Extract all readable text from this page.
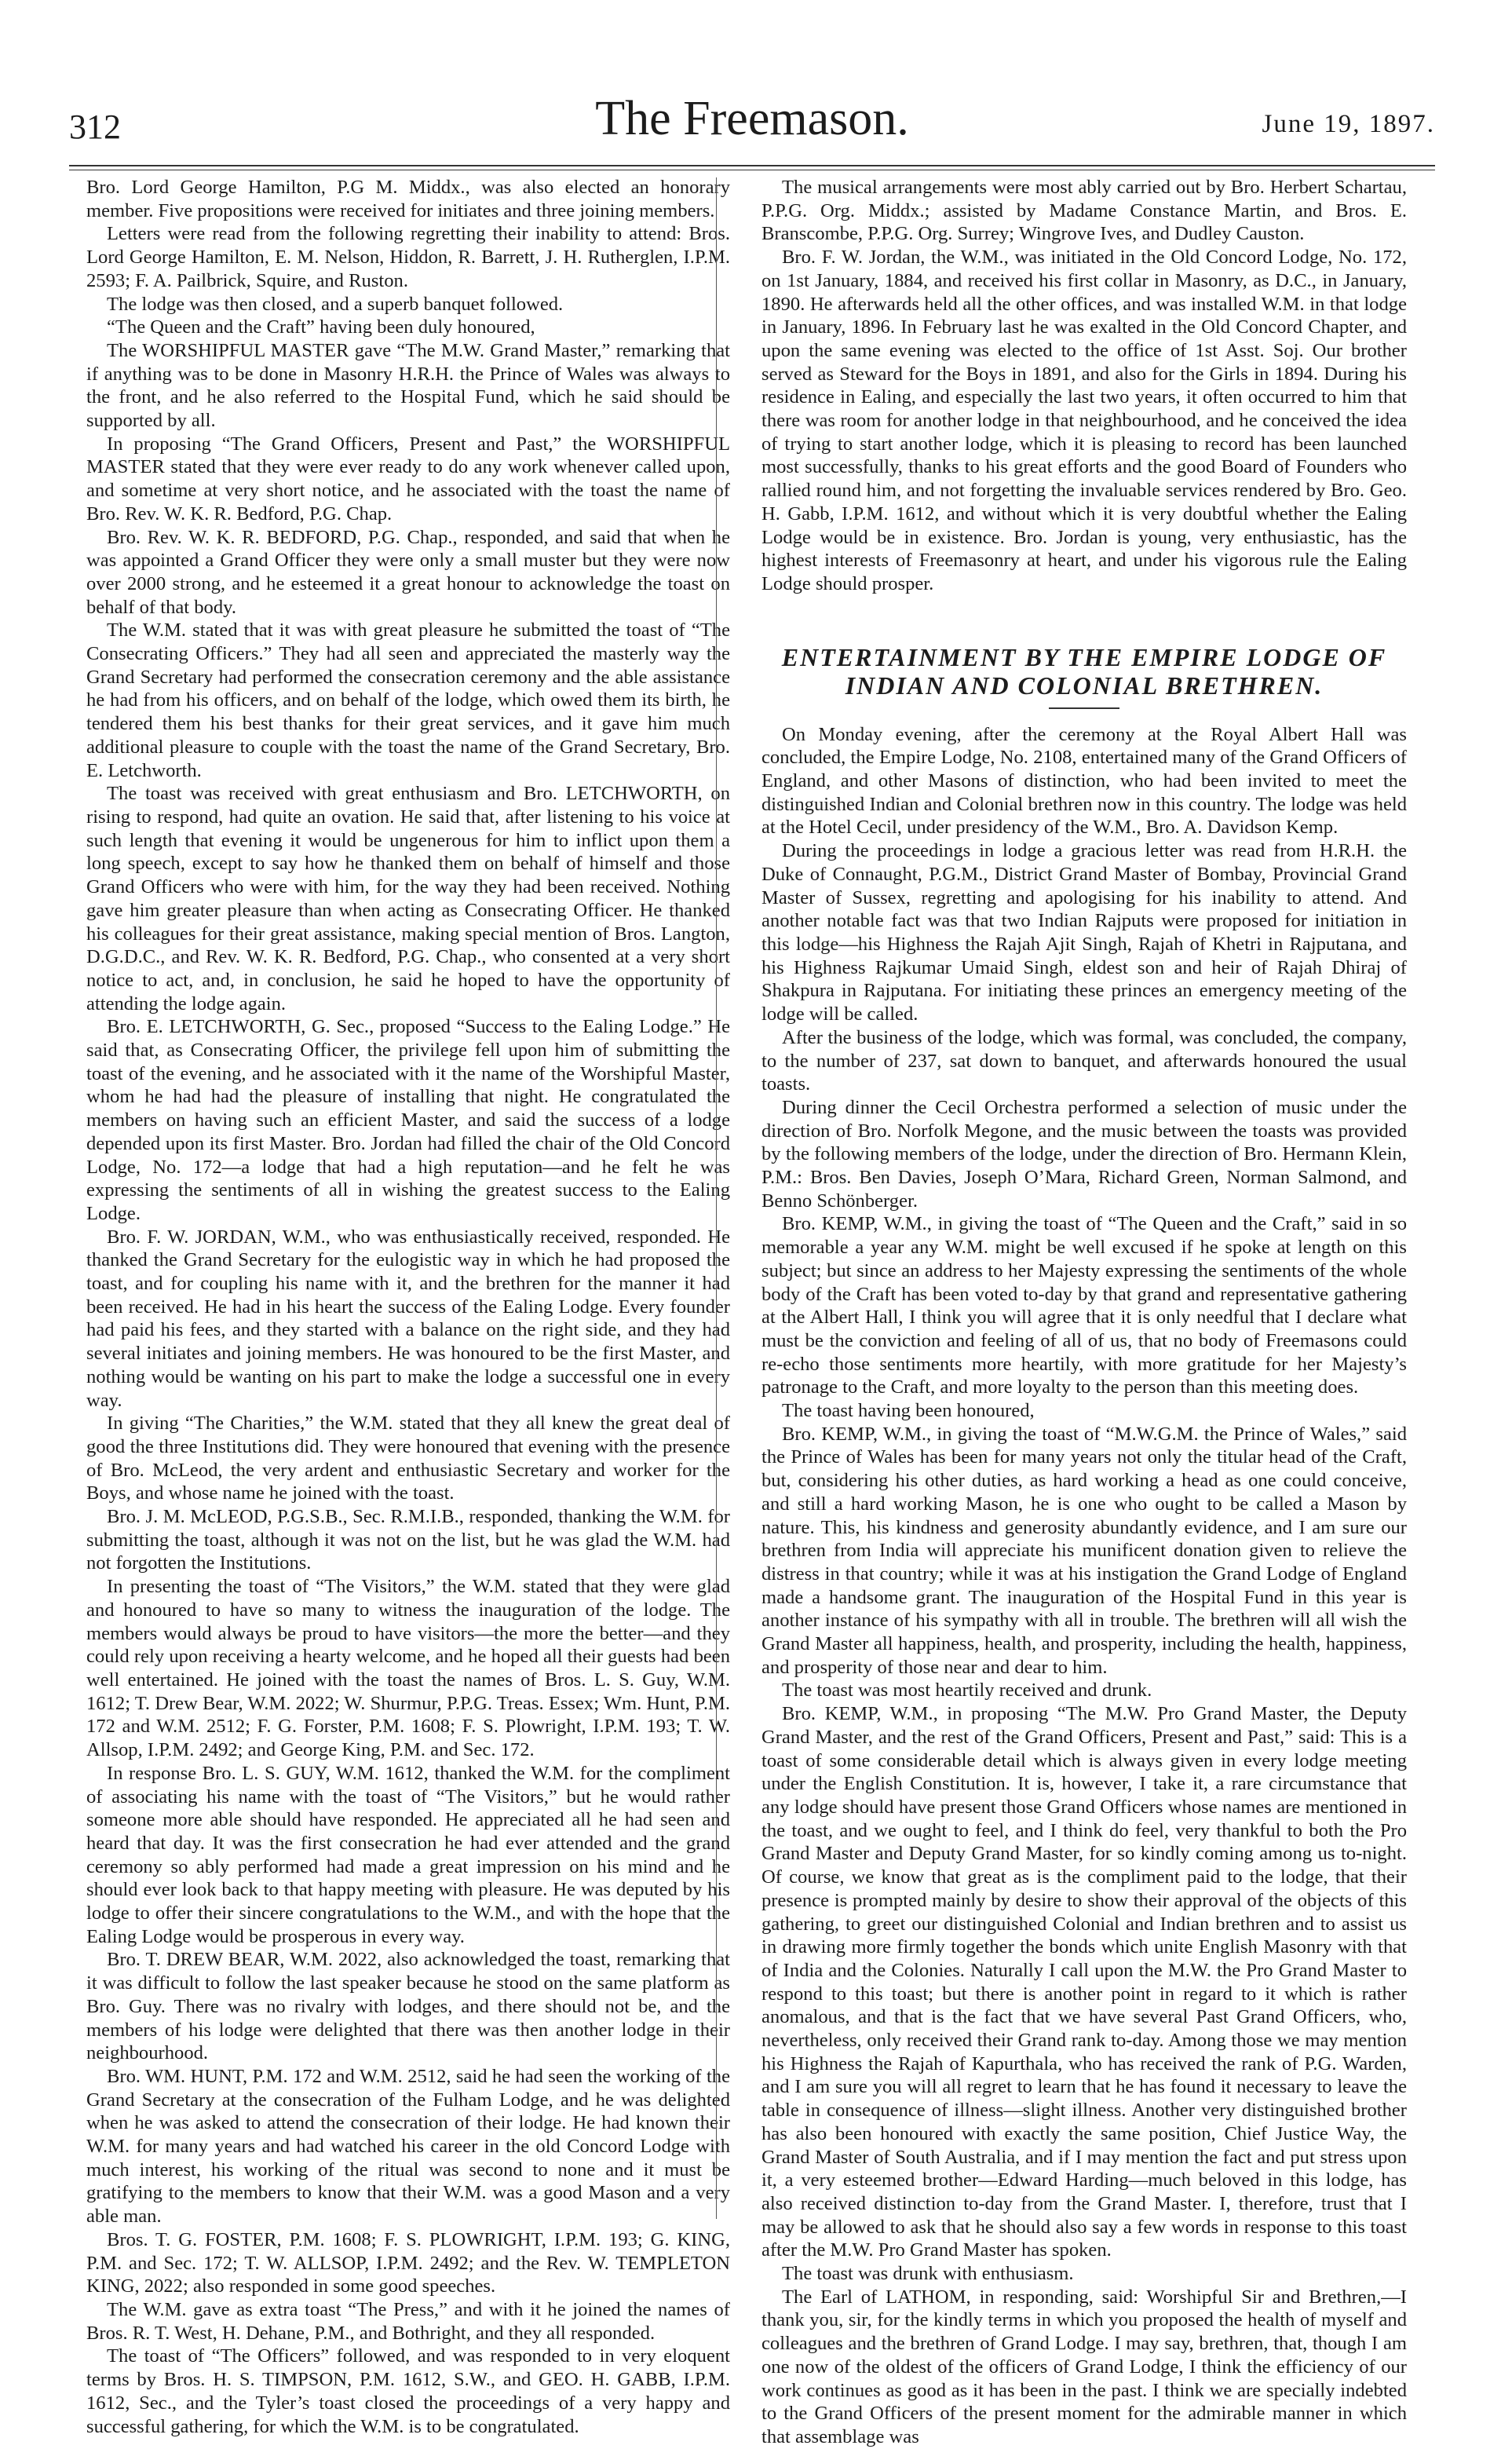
312	The Freemason.	June 19, 1897.

Bro. Lord George Hamilton, P.G M. Middx., was also elected an honorary member. Five propositions were received for initiates and three joining members.

Letters were read from the following regretting their inability to attend: Bros. Lord George Hamilton, E. M. Nelson, Hiddon, R. Barrett, J. H. Rutherglen, I.P.M. 2593; F. A. Pailbrick, Squire, and Ruston.

The lodge was then closed, and a superb banquet followed.

“The Queen and the Craft” having been duly honoured,

The WORSHIPFUL MASTER gave “The M.W. Grand Master,” remarking that if anything was to be done in Masonry H.R.H. the Prince of Wales was always to the front, and he also referred to the Hospital Fund, which he said should be supported by all.

In proposing “The Grand Officers, Present and Past,” the WORSHIPFUL MASTER stated that they were ever ready to do any work whenever called upon, and sometime at very short notice, and he associated with the toast the name of Bro. Rev. W. K. R. Bedford, P.G. Chap.

Bro. Rev. W. K. R. BEDFORD, P.G. Chap., responded, and said that when he was appointed a Grand Officer they were only a small muster but they were now over 2000 strong, and he esteemed it a great honour to acknowledge the toast on behalf of that body.

The W.M. stated that it was with great pleasure he submitted the toast of “The Consecrating Officers.” They had all seen and appreciated the masterly way the Grand Secretary had performed the consecration ceremony and the able assistance he had from his officers, and on behalf of the lodge, which owed them its birth, he tendered them his best thanks for their great services, and it gave him much additional pleasure to couple with the toast the name of the Grand Secretary, Bro. E. Letchworth.

The toast was received with great enthusiasm and Bro. LETCHWORTH, on rising to respond, had quite an ovation. He said that, after listening to his voice at such length that evening it would be ungenerous for him to inflict upon them a long speech, except to say how he thanked them on behalf of himself and those Grand Officers who were with him, for the way they had been received. Nothing gave him greater pleasure than when acting as Consecrating Officer. He thanked his colleagues for their great assistance, making special mention of Bros. Langton, D.G.D.C., and Rev. W. K. R. Bedford, P.G. Chap., who consented at a very short notice to act, and, in conclusion, he said he hoped to have the opportunity of attending the lodge again.

Bro. E. LETCHWORTH, G. Sec., proposed “Success to the Ealing Lodge.” He said that, as Consecrating Officer, the privilege fell upon him of submitting the toast of the evening, and he associated with it the name of the Worshipful Master, whom he had had the pleasure of installing that night. He congratulated the members on having such an efficient Master, and said the success of a lodge depended upon its first Master. Bro. Jordan had filled the chair of the Old Concord Lodge, No. 172—a lodge that had a high reputation—and he felt he was expressing the sentiments of all in wishing the greatest success to the Ealing Lodge.

Bro. F. W. JORDAN, W.M., who was enthusiastically received, responded. He thanked the Grand Secretary for the eulogistic way in which he had proposed the toast, and for coupling his name with it, and the brethren for the manner it had been received. He had in his heart the success of the Ealing Lodge. Every founder had paid his fees, and they started with a balance on the right side, and they had several initiates and joining members. He was honoured to be the first Master, and nothing would be wanting on his part to make the lodge a successful one in every way.

In giving “The Charities,” the W.M. stated that they all knew the great deal of good the three Institutions did. They were honoured that evening with the presence of Bro. McLeod, the very ardent and enthusiastic Secretary and worker for the Boys, and whose name he joined with the toast.

Bro. J. M. McLEOD, P.G.S.B., Sec. R.M.I.B., responded, thanking the W.M. for submitting the toast, although it was not on the list, but he was glad the W.M. had not forgotten the Institutions.

In presenting the toast of “The Visitors,” the W.M. stated that they were glad and honoured to have so many to witness the inauguration of the lodge. The members would always be proud to have visitors—the more the better—and they could rely upon receiving a hearty welcome, and he hoped all their guests had been well entertained. He joined with the toast the names of Bros. L. S. Guy, W.M. 1612; T. Drew Bear, W.M. 2022; W. Shurmur, P.P.G. Treas. Essex; Wm. Hunt, P.M. 172 and W.M. 2512; F. G. Forster, P.M. 1608; F. S. Plowright, I.P.M. 193; T. W. Allsop, I.P.M. 2492; and George King, P.M. and Sec. 172.

In response Bro. L. S. GUY, W.M. 1612, thanked the W.M. for the compliment of associating his name with the toast of “The Visitors,” but he would rather someone more able should have responded. He appreciated all he had seen and heard that day. It was the first consecration he had ever attended and the grand ceremony so ably performed had made a great impression on his mind and he should ever look back to that happy meeting with pleasure. He was deputed by his lodge to offer their sincere congratulations to the W.M., and with the hope that the Ealing Lodge would be prosperous in every way.

Bro. T. DREW BEAR, W.M. 2022, also acknowledged the toast, remarking that it was difficult to follow the last speaker because he stood on the same platform as Bro. Guy. There was no rivalry with lodges, and there should not be, and the members of his lodge were delighted that there was then another lodge in their neighbourhood.

Bro. WM. HUNT, P.M. 172 and W.M. 2512, said he had seen the working of the Grand Secretary at the consecration of the Fulham Lodge, and he was delighted when he was asked to attend the consecration of their lodge. He had known their W.M. for many years and had watched his career in the old Concord Lodge with much interest, his working of the ritual was second to none and it must be gratifying to the members to know that their W.M. was a good Mason and a very able man.

Bros. T. G. FOSTER, P.M. 1608; F. S. PLOWRIGHT, I.P.M. 193; G. KING, P.M. and Sec. 172; T. W. ALLSOP, I.P.M. 2492; and the Rev. W. TEMPLETON KING, 2022; also responded in some good speeches.

The W.M. gave as extra toast “The Press,” and with it he joined the names of Bros. R. T. West, H. Dehane, P.M., and Bothright, and they all responded.

The toast of “The Officers” followed, and was responded to in very eloquent terms by Bros. H. S. TIMPSON, P.M. 1612, S.W., and GEO. H. GABB, I.P.M. 1612, Sec., and the Tyler’s toast closed the proceedings of a very happy and successful gathering, for which the W.M. is to be congratulated.

The musical arrangements were most ably carried out by Bro. Herbert Schartau, P.P.G. Org. Middx.; assisted by Madame Constance Martin, and Bros. E. Branscombe, P.P.G. Org. Surrey; Wingrove Ives, and Dudley Causton.

Bro. F. W. Jordan, the W.M., was initiated in the Old Concord Lodge, No. 172, on 1st January, 1884, and received his first collar in Masonry, as D.C., in January, 1890. He afterwards held all the other offices, and was installed W.M. in that lodge in January, 1896. In February last he was exalted in the Old Concord Chapter, and upon the same evening was elected to the office of 1st Asst. Soj. Our brother served as Steward for the Boys in 1891, and also for the Girls in 1894. During his residence in Ealing, and especially the last two years, it often occurred to him that there was room for another lodge in that neighbourhood, and he conceived the idea of trying to start another lodge, which it is pleasing to record has been launched most successfully, thanks to his great efforts and the good Board of Founders who rallied round him, and not forgetting the invaluable services rendered by Bro. Geo. H. Gabb, I.P.M. 1612, and without which it is very doubtful whether the Ealing Lodge would be in existence. Bro. Jordan is young, very enthusiastic, has the highest interests of Freemasonry at heart, and under his vigorous rule the Ealing Lodge should prosper.

ENTERTAINMENT BY THE EMPIRE LODGE OF
INDIAN AND COLONIAL BRETHREN.

On Monday evening, after the ceremony at the Royal Albert Hall was concluded, the Empire Lodge, No. 2108, entertained many of the Grand Officers of England, and other Masons of distinction, who had been invited to meet the distinguished Indian and Colonial brethren now in this country. The lodge was held at the Hotel Cecil, under presidency of the W.M., Bro. A. Davidson Kemp.

During the proceedings in lodge a gracious letter was read from H.R.H. the Duke of Connaught, P.G.M., District Grand Master of Bombay, Provincial Grand Master of Sussex, regretting and apologising for his inability to attend. And another notable fact was that two Indian Rajputs were proposed for initiation in this lodge—his Highness the Rajah Ajit Singh, Rajah of Khetri in Rajputana, and his Highness Rajkumar Umaid Singh, eldest son and heir of Rajah Dhiraj of Shakpura in Rajputana. For initiating these princes an emergency meeting of the lodge will be called.

After the business of the lodge, which was formal, was concluded, the company, to the number of 237, sat down to banquet, and afterwards honoured the usual toasts.

During dinner the Cecil Orchestra performed a selection of music under the direction of Bro. Norfolk Megone, and the music between the toasts was provided by the following members of the lodge, under the direction of Bro. Hermann Klein, P.M.: Bros. Ben Davies, Joseph O’Mara, Richard Green, Norman Salmond, and Benno Schönberger.

Bro. KEMP, W.M., in giving the toast of “The Queen and the Craft,” said in so memorable a year any W.M. might be well excused if he spoke at length on this subject; but since an address to her Majesty expressing the sentiments of the whole body of the Craft has been voted to-day by that grand and representative gathering at the Albert Hall, I think you will agree that it is only needful that I declare what must be the conviction and feeling of all of us, that no body of Freemasons could re-echo those sentiments more heartily, with more gratitude for her Majesty’s patronage to the Craft, and more loyalty to the person than this meeting does.

The toast having been honoured,

Bro. KEMP, W.M., in giving the toast of “M.W.G.M. the Prince of Wales,” said the Prince of Wales has been for many years not only the titular head of the Craft, but, considering his other duties, as hard working a head as one could conceive, and still a hard working Mason, he is one who ought to be called a Mason by nature. This, his kindness and generosity abundantly evidence, and I am sure our brethren from India will appreciate his munificent donation given to relieve the distress in that country; while it was at his instigation the Grand Lodge of England made a handsome grant. The inauguration of the Hospital Fund in this year is another instance of his sympathy with all in trouble. The brethren will all wish the Grand Master all happiness, health, and prosperity, including the health, happiness, and prosperity of those near and dear to him.

The toast was most heartily received and drunk.

Bro. KEMP, W.M., in proposing “The M.W. Pro Grand Master, the Deputy Grand Master, and the rest of the Grand Officers, Present and Past,” said: This is a toast of some considerable detail which is always given in every lodge meeting under the English Constitution. It is, however, I take it, a rare circumstance that any lodge should have present those Grand Officers whose names are mentioned in the toast, and we ought to feel, and I think do feel, very thankful to both the Pro Grand Master and Deputy Grand Master, for so kindly coming among us to-night. Of course, we know that great as is the compliment paid to the lodge, that their presence is prompted mainly by desire to show their approval of the objects of this gathering, to greet our distinguished Colonial and Indian brethren and to assist us in drawing more firmly together the bonds which unite English Masonry with that of India and the Colonies. Naturally I call upon the M.W. the Pro Grand Master to respond to this toast; but there is another point in regard to it which is rather anomalous, and that is the fact that we have several Past Grand Officers, who, nevertheless, only received their Grand rank to-day. Among those we may mention his Highness the Rajah of Kapurthala, who has received the rank of P.G. Warden, and I am sure you will all regret to learn that he has found it necessary to leave the table in consequence of illness—slight illness. Another very distinguished brother has also been honoured with exactly the same position, Chief Justice Way, the Grand Master of South Australia, and if I may mention the fact and put stress upon it, a very esteemed brother—Edward Harding—much beloved in this lodge, has also received distinction to-day from the Grand Master. I, therefore, trust that I may be allowed to ask that he should also say a few words in response to this toast after the M.W. Pro Grand Master has spoken.

The toast was drunk with enthusiasm.

The Earl of LATHOM, in responding, said: Worshipful Sir and Brethren,—I thank you, sir, for the kindly terms in which you proposed the health of myself and colleagues and the brethren of Grand Lodge. I may say, brethren, that, though I am one now of the oldest of the officers of Grand Lodge, I think the efficiency of our work continues as good as it has been in the past. I think we are specially indebted to the Grand Officers of the present moment for the admirable manner in which that assemblage was
